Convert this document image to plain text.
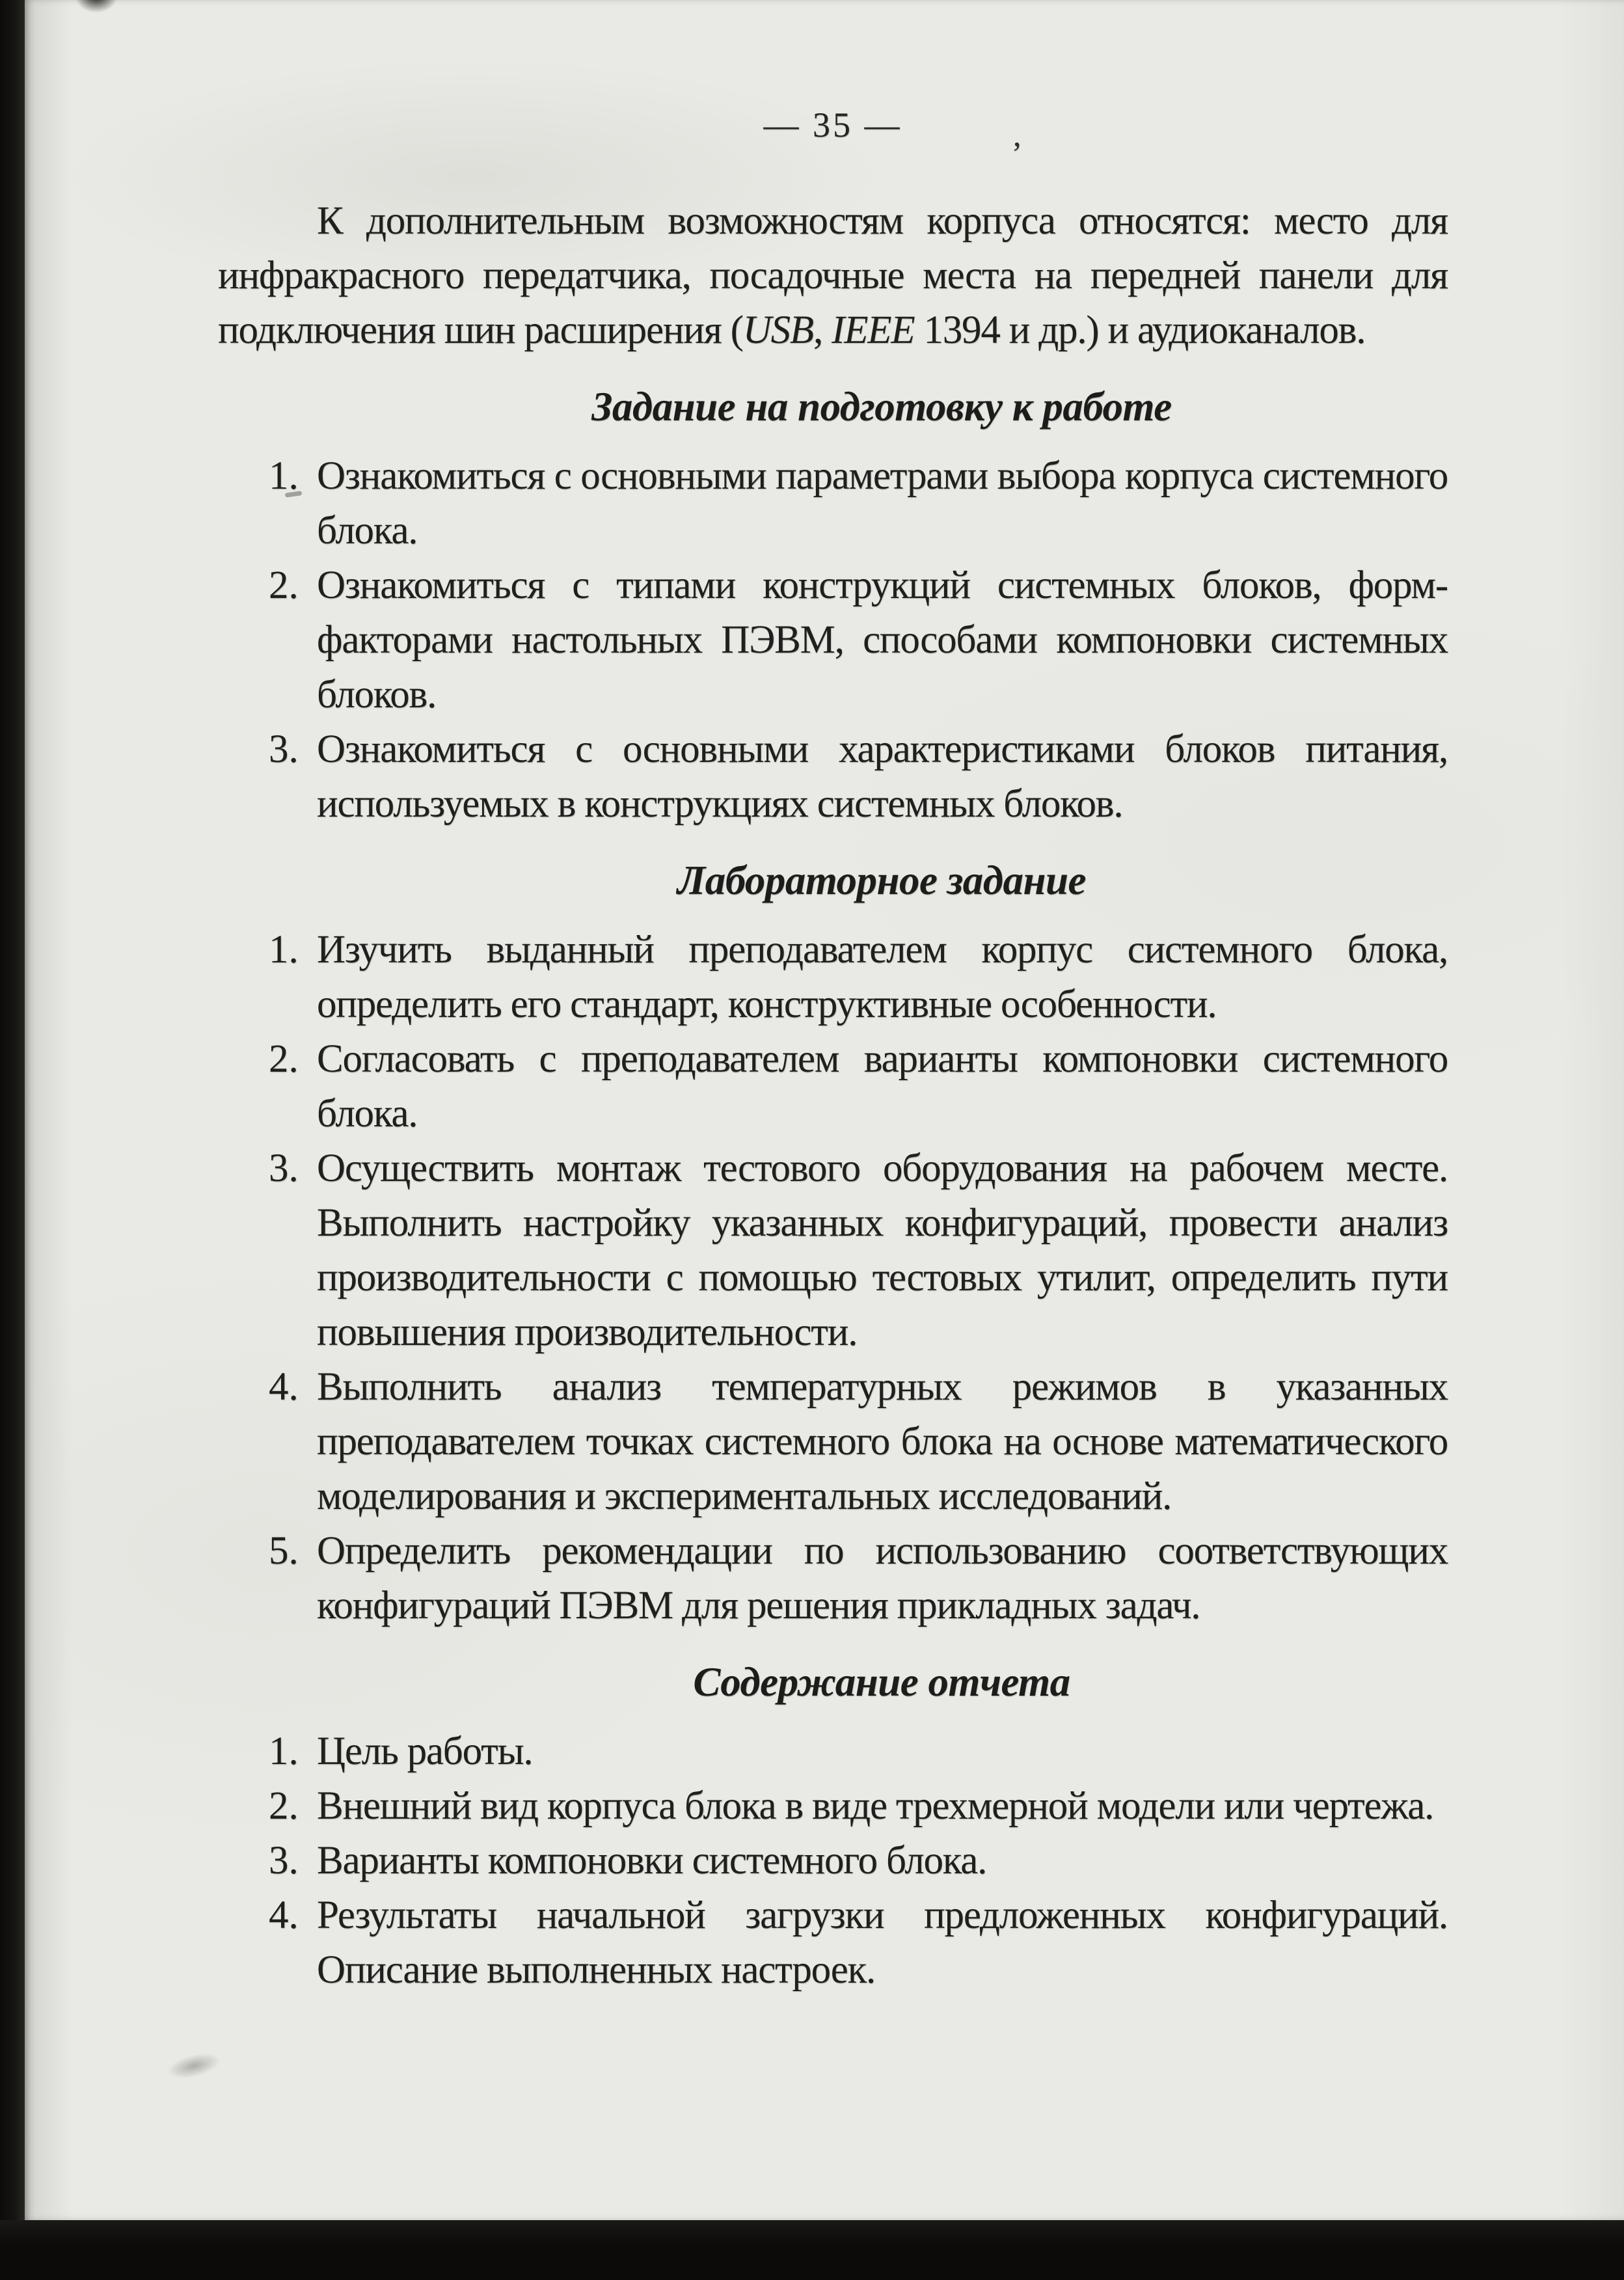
— 35 —	,

К дополнительным возможностям корпуса относятся: место для инфракрасного передатчика, посадочные места на передней панели для подключения шин расширения (USB, IEEE 1394 и др.) и аудиоканалов.

Задание на подготовку к работе
1. Ознакомиться с основными параметрами выбора корпуса системного блока.
2. Ознакомиться с типами конструкций системных блоков, форм-факторами настольных ПЭВМ, способами компоновки системных блоков.
3. Ознакомиться с основными характеристиками блоков питания, используемых в конструкциях системных блоков.
Лабораторное задание
1. Изучить выданный преподавателем корпус системного блока, определить его стандарт, конструктивные особенности.
2. Согласовать с преподавателем варианты компоновки системного блока.
3. Осуществить монтаж тестового оборудования на рабочем месте. Выполнить настройку указанных конфигураций, провести анализ производительности с помощью тестовых утилит, определить пути повышения производительности.
4. Выполнить анализ температурных режимов в указанных преподавателем точках системного блока на основе математического моделирования и экспериментальных исследований.
5. Определить рекомендации по использованию соответствующих конфигураций ПЭВМ для решения прикладных задач.
Содержание отчета
1. Цель работы.
2. Внешний вид корпуса блока в виде трехмерной модели или чертежа.
3. Варианты компоновки системного блока.
4. Результаты начальной загрузки предложенных конфигураций. Описание выполненных настроек.
